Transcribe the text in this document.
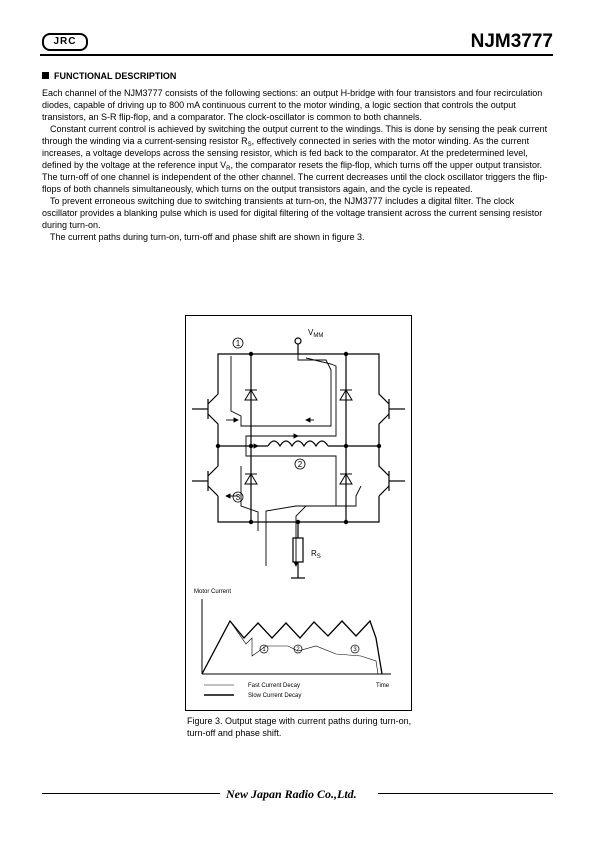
JRC	NJM3777
FUNCTIONAL DESCRIPTION

Each channel of the NJM3777 consists of the following sections: an output H-bridge with four transistors and four recirculation diodes, capable of driving up to 800 mA continuous current to the motor winding, a logic section that controls the output transistors, an S-R flip-flop, and a comparator. The clock-oscillator is common to both channels.

Constant current control is achieved by switching the output current to the windings. This is done by sensing the peak current through the winding via a current-sensing resistor $R_S$, effectively connected in series with the motor winding. As the current increases, a voltage develops across the sensing resistor, which is fed back to the comparator. At the predetermined level, defined by the voltage at the reference input $V_R$, the comparator resets the flip-flop, which turns off the upper output transistor. The turn-off of one channel is independent of the other channel. The current decreases until the clock oscillator triggers the flip-flops of both channels simultaneously, which turns on the output transistors again, and the cycle is repeated.

To prevent erroneous switching due to switching transients at turn-on, the NJM3777 includes a digital filter. The clock oscillator provides a blanking pulse which is used for digital filtering of the voltage transient across the current sensing resistor during turn-on.

The current paths during turn-on, turn-off and phase shift are shown in figure 3.

1
2
3
$V_{MM}$
$R_S$
Motor Current
Time
1	2	3
Fast Current Decay
Slow Current Decay
Figure 3. Output stage with current paths during turn-on, turn-off and phase shift.
New Japan Radio Co.,Ltd.
